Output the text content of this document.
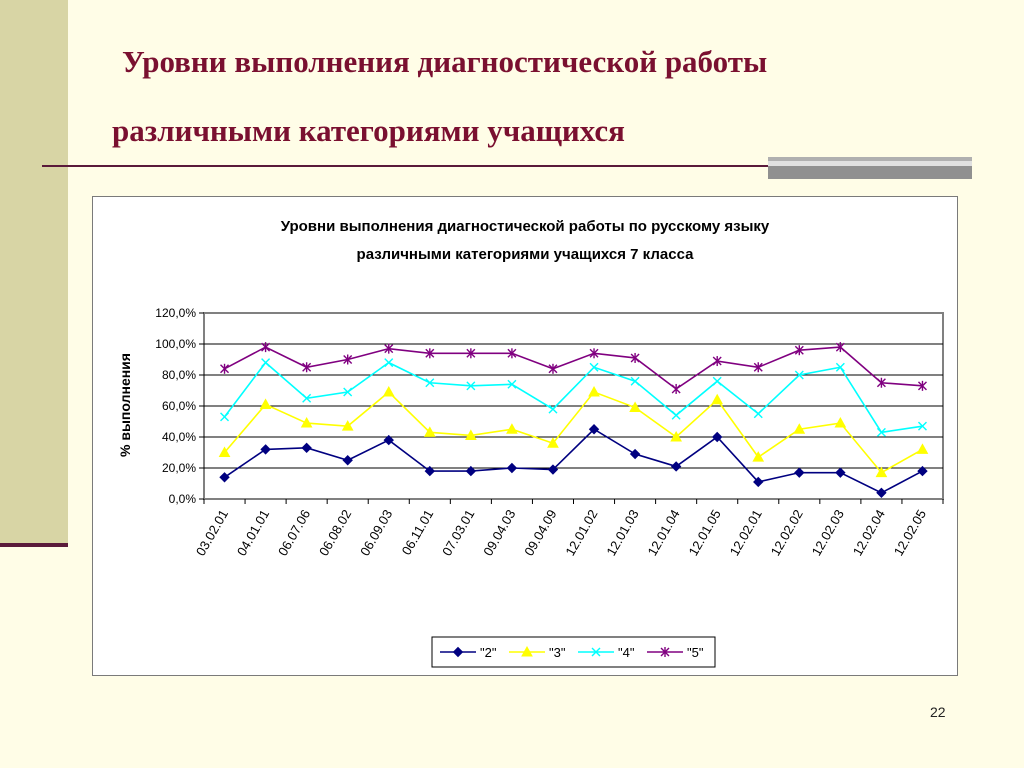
Уровни выполнения диагностической работы
различными категориями учащихся
Уровни выполнения диагностической работы по русскому языку
различными категориями учащихся 7 класса
% выполнения
0,0%
20,0%
40,0%
60,0%
80,0%
100,0%
120,0%
03.02.01 04.01.01 06.07.06 06.08.02 06.09.03 06.11.01 07.03.01 09.04.03 09.04.09 12.01.02 12.01.03 12.01.04 12.01.05 12.02.01 12.02.02 12.02.03 12.02.04 12.02.05
"2"	"3"	"4"	"5"
22
